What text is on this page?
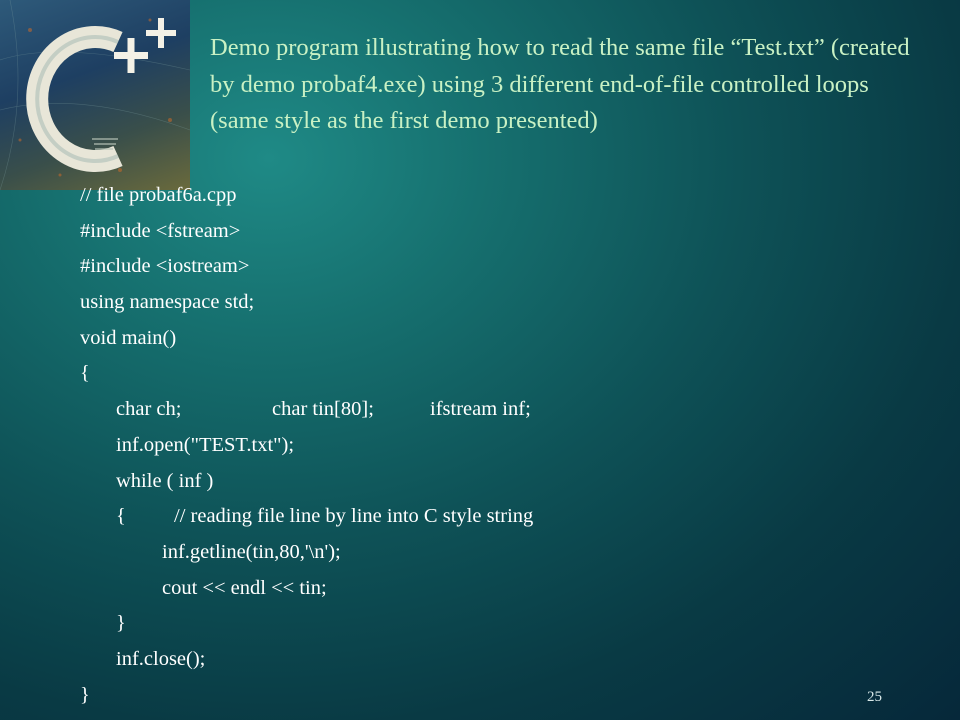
Demo program illustrating how to read the same file “Test.txt” (created by demo probaf4.exe) using 3 different end-of-file controlled loops (same style as the first demo presented)
// file probaf6a.cpp
#include <fstream>
#include <iostream>
using namespace std;
void main()
{
char ch;	char tin[80];	ifstream inf;
inf.open("TEST.txt");
while ( inf )
{ // reading file line by line into C style string
inf.getline(tin,80,'\n');
cout << endl << tin;
}
inf.close();
}	25
